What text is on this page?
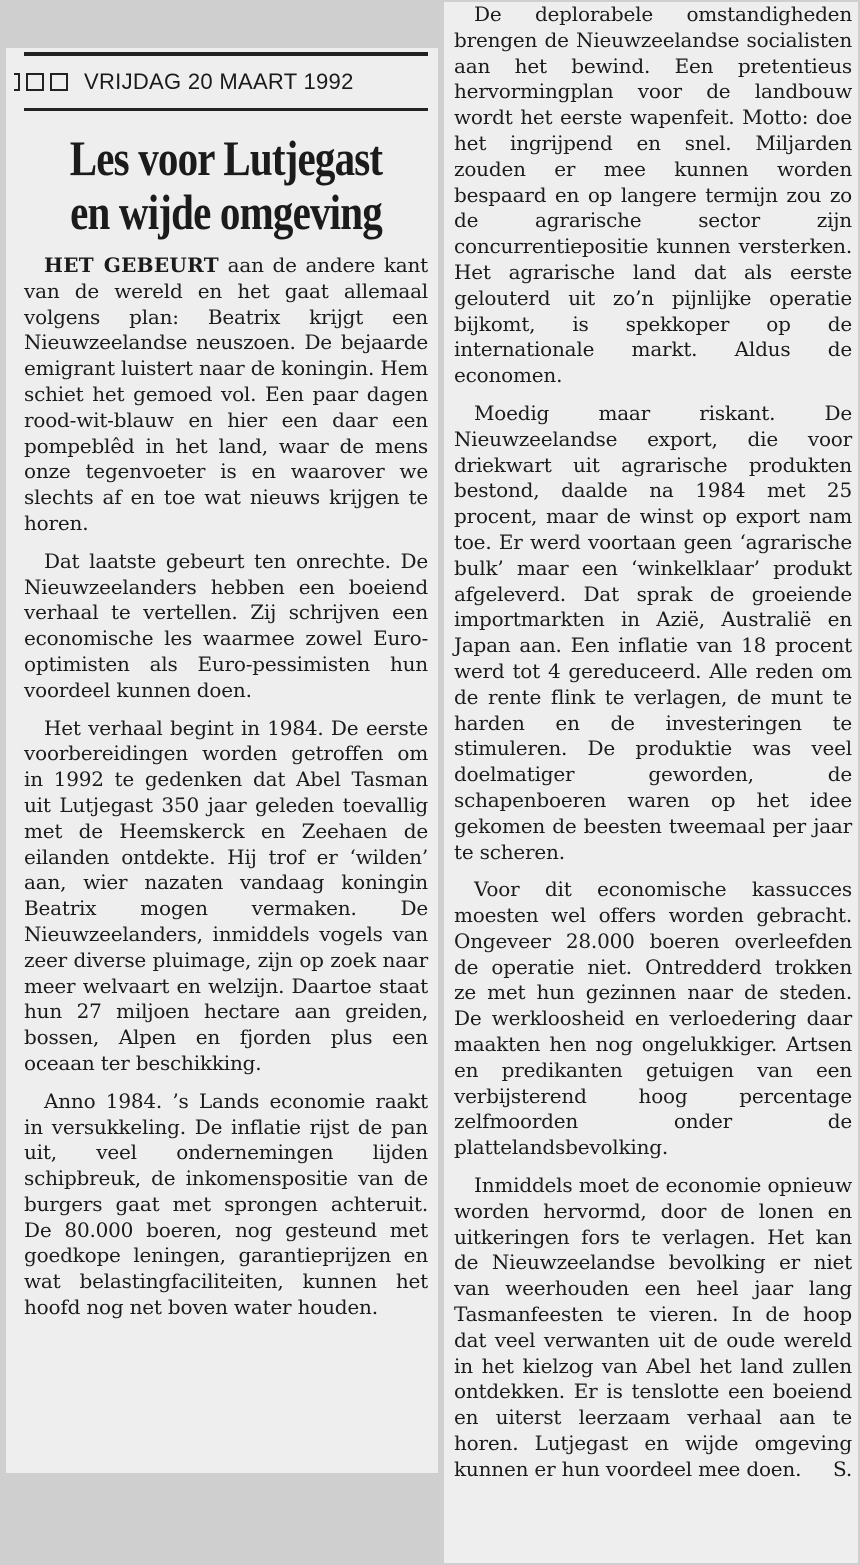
VRIJDAG 20 MAART 1992
Les voor Lutjegast
en wijde omgeving

HET GEBEURT aan de andere kant van de wereld en het gaat allemaal volgens plan: Beatrix krijgt een Nieuwzeelandse neuszoen. De bejaarde emigrant luistert naar de koningin. Hem schiet het gemoed vol. Een paar dagen rood-wit-blauw en hier een daar een pompeblêd in het land, waar de mens onze tegenvoeter is en waarover we slechts af en toe wat nieuws krijgen te horen.

Dat laatste gebeurt ten onrechte. De Nieuwzeelanders hebben een boeiend verhaal te vertellen. Zij schrijven een economische les waarmee zowel Euro-optimisten als Euro-pessimisten hun voordeel kunnen doen.

Het verhaal begint in 1984. De eerste voorbereidingen worden getroffen om in 1992 te gedenken dat Abel Tasman uit Lutjegast 350 jaar geleden toevallig met de Heemskerck en Zeehaen de eilanden ontdekte. Hij trof er ‘wilden’ aan, wier nazaten vandaag koningin Beatrix mogen vermaken. De Nieuwzeelanders, inmiddels vogels van zeer diverse pluimage, zijn op zoek naar meer welvaart en welzijn. Daartoe staat hun 27 miljoen hectare aan greiden, bossen, Alpen en fjorden plus een oceaan ter beschikking.

Anno 1984. ’s Lands economie raakt in versukkeling. De inflatie rijst de pan uit, veel ondernemingen lijden schipbreuk, de inkomenspositie van de burgers gaat met sprongen achteruit. De 80.000 boeren, nog gesteund met goedkope leningen, garantieprijzen en wat belastingfaciliteiten, kunnen het hoofd nog net boven water houden.

De deplorabele omstandigheden brengen de Nieuwzeelandse socialisten aan het bewind. Een pretentieus hervormingplan voor de landbouw wordt het eerste wapenfeit. Motto: doe het ingrijpend en snel. Miljarden zouden er mee kunnen worden bespaard en op langere termijn zou zo de agrarische sector zijn concurrentiepositie kunnen versterken. Het agrarische land dat als eerste gelouterd uit zo’n pijnlijke operatie bijkomt, is spekkoper op de internationale markt. Aldus de economen.

Moedig maar riskant. De Nieuwzeelandse export, die voor driekwart uit agrarische produkten bestond, daalde na 1984 met 25 procent, maar de winst op export nam toe. Er werd voortaan geen ‘agrarische bulk’ maar een ‘winkelklaar’ produkt afgeleverd. Dat sprak de groeiende importmarkten in Azië, Australië en Japan aan. Een inflatie van 18 procent werd tot 4 gereduceerd. Alle reden om de rente flink te verlagen, de munt te harden en de investeringen te stimuleren. De produktie was veel doelmatiger geworden, de schapenboeren waren op het idee gekomen de beesten tweemaal per jaar te scheren.

Voor dit economische kassucces moesten wel offers worden gebracht. Ongeveer 28.000 boeren overleefden de operatie niet. Ontredderd trokken ze met hun gezinnen naar de steden. De werkloosheid en verloedering daar maakten hen nog ongelukkiger. Artsen en predikanten getuigen van een verbijsterend hoog percentage zelfmoorden onder de plattelandsbevolking.

Inmiddels moet de economie opnieuw worden hervormd, door de lonen en uitkeringen fors te verlagen. Het kan de Nieuwzeelandse bevolking er niet van weerhouden een heel jaar lang Tasmanfeesten te vieren. In de hoop dat veel verwanten uit de oude wereld in het kielzog van Abel het land zullen ontdekken. Er is tenslotte een boeiend en uiterst leerzaam verhaal aan te horen. Lutjegast en wijde omgeving kunnen er hun voordeel mee doen.	S.
